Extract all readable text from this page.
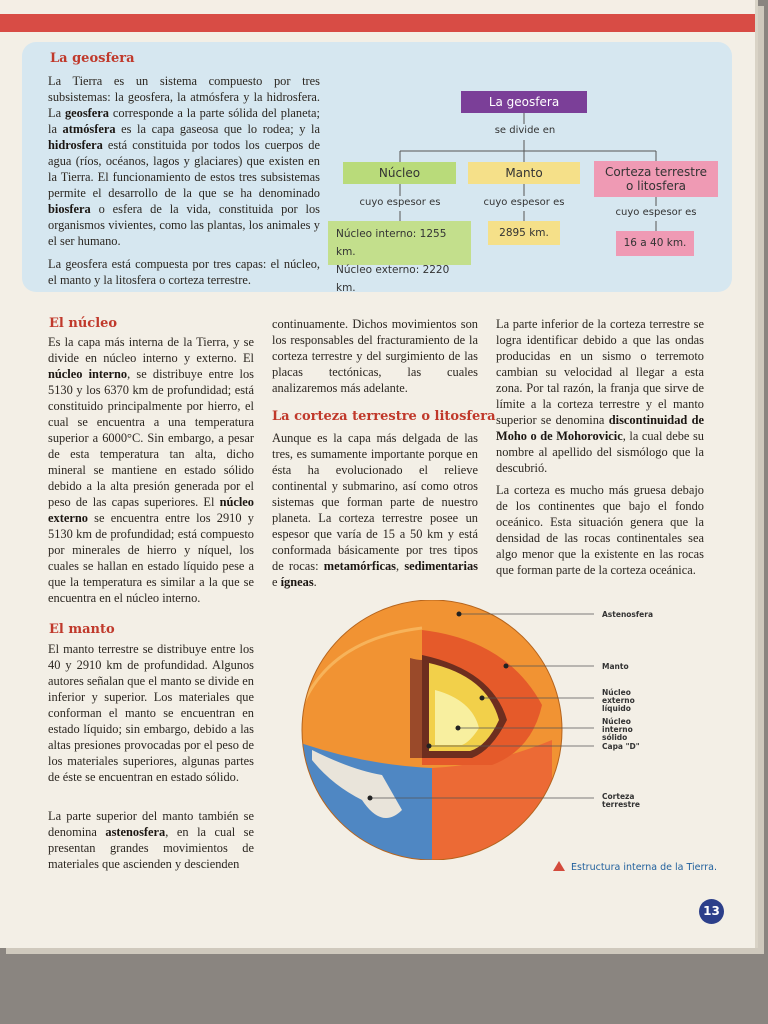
La geosfera

La Tierra es un sistema compuesto por tres subsistemas: la geosfera, la atmósfera y la hidrosfera. La geosfera corresponde a la parte sólida del planeta; la atmósfera es la capa gaseosa que lo rodea; y la hidrosfera está constituida por todos los cuerpos de agua (ríos, océanos, lagos y glaciares) que existen en la Tierra. El funcionamiento de estos tres subsistemas permite el desarrollo de la que se ha denominado biosfera o esfera de la vida, constituida por los organismos vivientes, como las plantas, los animales y el ser humano.

La geosfera está compuesta por tres capas: el núcleo, el manto y la litosfera o corteza terrestre.

La geosfera
se divide en
Núcleo	Manto	Corteza terrestre
o litosfera
cuyo espesor es	cuyo espesor es
cuyo espesor es
Núcleo interno: 1255 km.
Núcleo externo: 2220 km.
2895 km.
16 a 40 km.
El núcleo

Es la capa más interna de la Tierra, y se divide en núcleo interno y externo. El núcleo interno, se distribuye entre los 5130 y los 6370 km de profundidad; está constituido principalmente por hierro, el cual se encuentra a una temperatura superior a 6000°C. Sin embargo, a pesar de esta temperatura tan alta, dicho mineral se mantiene en estado sólido debido a la alta presión generada por el peso de las capas superiores. El núcleo externo se encuentra entre los 2910 y 5130 km de profundidad; está compuesto por minerales de hierro y níquel, los cuales se hallan en estado líquido pese a que la temperatura es similar a la que se encuentra en el núcleo interno.

El manto

El manto terrestre se distribuye entre los 40 y 2910 km de profundidad. Algunos autores señalan que el manto se divide en inferior y superior. Los materiales que conforman el manto se encuentran en estado líquido; sin embargo, debido a las altas presiones provocadas por el peso de los materiales superiores, algunas partes de éste se encuentran en estado sólido.

La parte superior del manto también se denomina astenosfera, en la cual se presentan grandes movimientos de materiales que ascienden y descienden

continuamente. Dichos movimientos son los responsables del fracturamiento de la corteza terrestre y del surgimiento de las placas tectónicas, las cuales analizaremos más adelante.

La corteza terrestre o litosfera

Aunque es la capa más delgada de las tres, es sumamente importante porque en ésta ha evolucionado el relieve continental y submarino, así como otros sistemas que forman parte de nuestro planeta. La corteza terrestre posee un espesor que varía de 15 a 50 km y está conformada básicamente por tres tipos de rocas: metamórficas, sedimentarias e ígneas.

La parte inferior de la corteza terrestre se logra identificar debido a que las ondas producidas en un sismo o terremoto cambian su velocidad al llegar a esta zona. Por tal razón, la franja que sirve de límite a la corteza terrestre y el manto superior se denomina discontinuidad de Moho o de Mohorovicic, la cual debe su nombre al apellido del sismólogo que la descubrió.

La corteza es mucho más gruesa debajo de los continentes que bajo el fondo oceánico. Esta situación genera que la densidad de las rocas continentales sea algo menor que la existente en las rocas que forman parte de la corteza oceánica.

Astenosfera
Manto
Núcleo
externo
líquido
Núcleo
interno
sólido
Capa "D"
Corteza
terrestre
Estructura interna de la Tierra.
13
